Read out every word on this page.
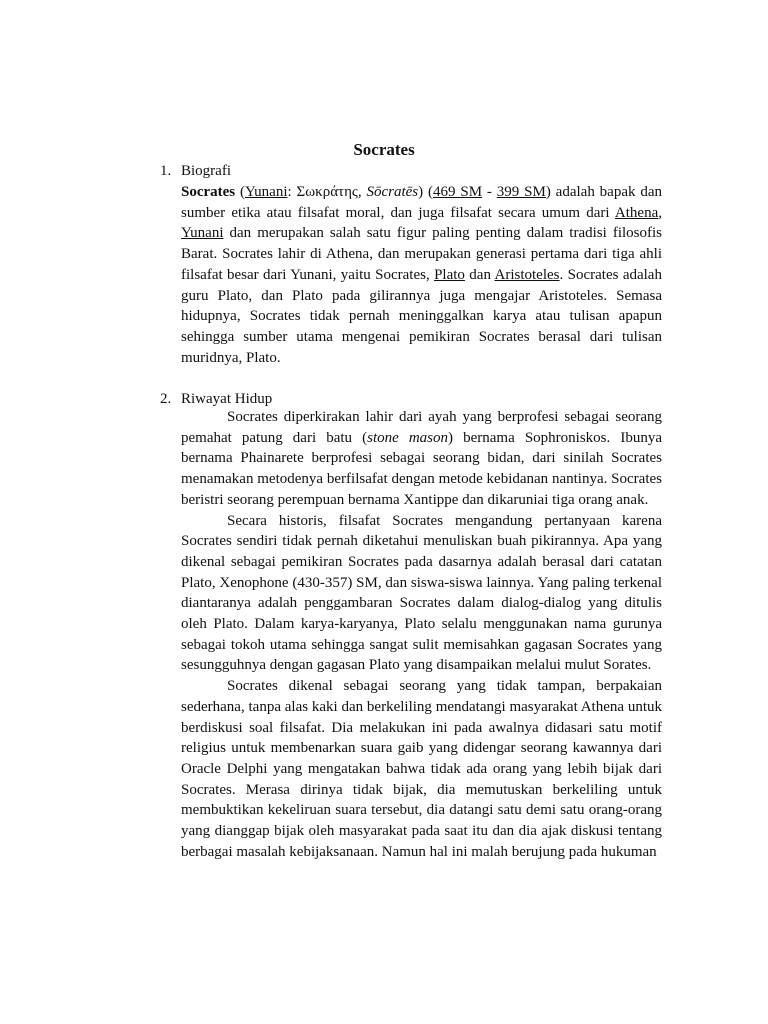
Socrates
1. Biografi

Socrates (Yunani: Σωκράτης, Sōcratēs) (469 SM - 399 SM) adalah bapak dan sumber etika atau filsafat moral, dan juga filsafat secara umum dari Athena, Yunani dan merupakan salah satu figur paling penting dalam tradisi filosofis Barat. Socrates lahir di Athena, dan merupakan generasi pertama dari tiga ahli filsafat besar dari Yunani, yaitu Socrates, Plato dan Aristoteles. Socrates adalah guru Plato, dan Plato pada gilirannya juga mengajar Aristoteles. Semasa hidupnya, Socrates tidak pernah meninggalkan karya atau tulisan apapun sehingga sumber utama mengenai pemikiran Socrates berasal dari tulisan muridnya, Plato.

2. Riwayat Hidup

Socrates diperkirakan lahir dari ayah yang berprofesi sebagai seorang pemahat patung dari batu (stone mason) bernama Sophroniskos. Ibunya bernama Phainarete berprofesi sebagai seorang bidan, dari sinilah Socrates menamakan metodenya berfilsafat dengan metode kebidanan nantinya. Socrates beristri seorang perempuan bernama Xantippe dan dikaruniai tiga orang anak.

Secara historis, filsafat Socrates mengandung pertanyaan karena Socrates sendiri tidak pernah diketahui menuliskan buah pikirannya. Apa yang dikenal sebagai pemikiran Socrates pada dasarnya adalah berasal dari catatan Plato, Xenophone (430-357) SM, dan siswa-siswa lainnya. Yang paling terkenal diantaranya adalah penggambaran Socrates dalam dialog-dialog yang ditulis oleh Plato. Dalam karya-karyanya, Plato selalu menggunakan nama gurunya sebagai tokoh utama sehingga sangat sulit memisahkan gagasan Socrates yang sesungguhnya dengan gagasan Plato yang disampaikan melalui mulut Sorates.

Socrates dikenal sebagai seorang yang tidak tampan, berpakaian sederhana, tanpa alas kaki dan berkeliling mendatangi masyarakat Athena untuk berdiskusi soal filsafat. Dia melakukan ini pada awalnya didasari satu motif religius untuk membenarkan suara gaib yang didengar seorang kawannya dari Oracle Delphi yang mengatakan bahwa tidak ada orang yang lebih bijak dari Socrates. Merasa dirinya tidak bijak, dia memutuskan berkeliling untuk membuktikan kekeliruan suara tersebut, dia datangi satu demi satu orang-orang yang dianggap bijak oleh masyarakat pada saat itu dan dia ajak diskusi tentang berbagai masalah kebijaksanaan. Namun hal ini malah berujung pada hukuman
